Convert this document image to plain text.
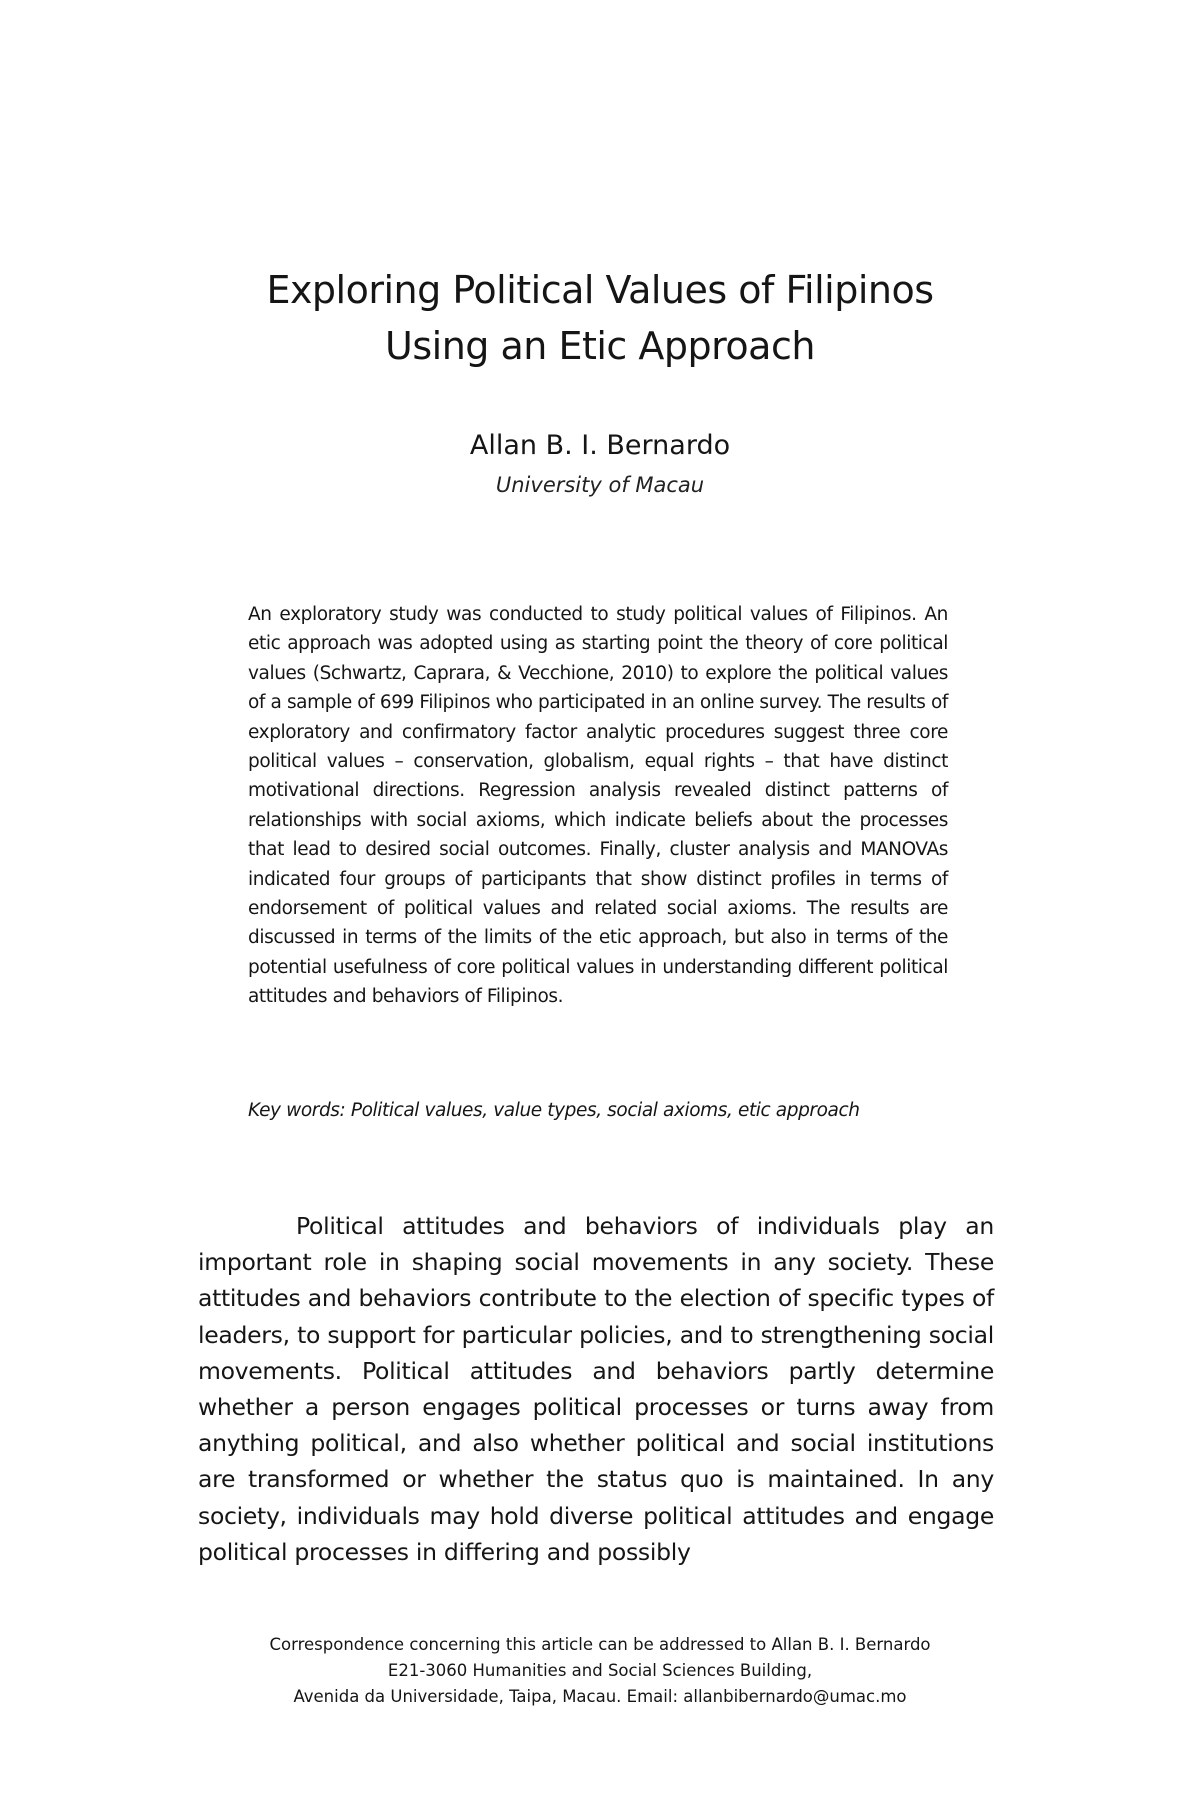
Exploring Political Values of Filipinos
Using an Etic Approach
Allan B. I. Bernardo
University of Macau
An exploratory study was conducted to study political values of Filipinos. An etic approach was adopted using as starting point the theory of core political values (Schwartz, Caprara, & Vecchione, 2010) to explore the political values of a sample of 699 Filipinos who participated in an online survey. The results of exploratory and confirmatory factor analytic procedures suggest three core political values – conservation, globalism, equal rights – that have distinct motivational directions. Regression analysis revealed distinct patterns of relationships with social axioms, which indicate beliefs about the processes that lead to desired social outcomes. Finally, cluster analysis and MANOVAs indicated four groups of participants that show distinct profiles in terms of endorsement of political values and related social axioms. The results are discussed in terms of the limits of the etic approach, but also in terms of the potential usefulness of core political values in understanding different political attitudes and behaviors of Filipinos.
Key words: Political values, value types, social axioms, etic approach
Political attitudes and behaviors of individuals play an important role in shaping social movements in any society. These attitudes and behaviors contribute to the election of specific types of leaders, to support for particular policies, and to strengthening social movements. Political attitudes and behaviors partly determine whether a person engages political processes or turns away from anything political, and also whether political and social institutions are transformed or whether the status quo is maintained. In any society, individuals may hold diverse political attitudes and engage political processes in differing and possibly
Correspondence concerning this article can be addressed to Allan B. I. Bernardo
E21-3060 Humanities and Social Sciences Building,
Avenida da Universidade, Taipa, Macau. Email: allanbibernardo@umac.mo
